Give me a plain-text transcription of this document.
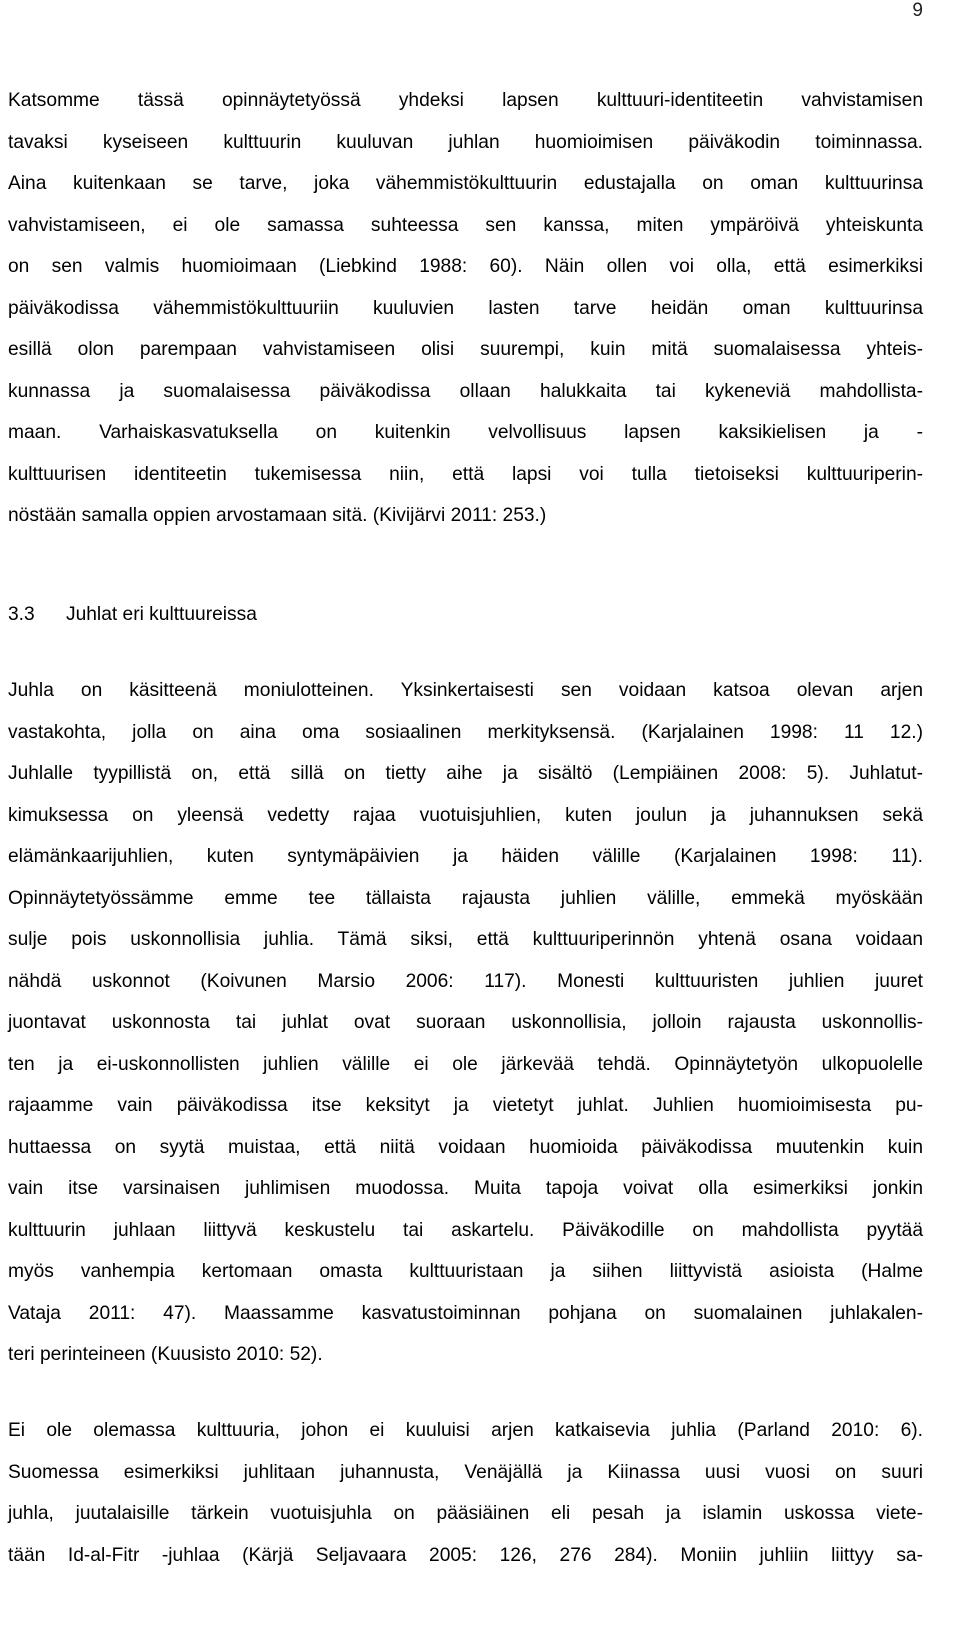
9
Katsomme tässä opinnäytetyössä yhdeksi lapsen kulttuuri-identiteetin vahvistamisen
tavaksi kyseiseen kulttuurin kuuluvan juhlan huomioimisen päiväkodin toiminnassa.
Aina kuitenkaan se tarve, joka vähemmistökulttuurin edustajalla on oman kulttuurinsa
vahvistamiseen, ei ole samassa suhteessa sen kanssa, miten ympäröivä yhteiskunta
on sen valmis huomioimaan (Liebkind 1988: 60). Näin ollen voi olla, että esimerkiksi
päiväkodissa vähemmistökulttuuriin kuuluvien lasten tarve heidän oman kulttuurinsa
esillä olon parempaan vahvistamiseen olisi suurempi, kuin mitä suomalaisessa yhteis-
kunnassa ja suomalaisessa päiväkodissa ollaan halukkaita tai kykeneviä mahdollista-
maan. Varhaiskasvatuksella on kuitenkin velvollisuus lapsen kaksikielisen ja -
kulttuurisen identiteetin tukemisessa niin, että lapsi voi tulla tietoiseksi kulttuuriperin-
nöstään samalla oppien arvostamaan sitä. (Kivijärvi 2011: 253.)
3.3 Juhlat eri kulttuureissa
Juhla on käsitteenä moniulotteinen. Yksinkertaisesti sen voidaan katsoa olevan arjen
vastakohta, jolla on aina oma sosiaalinen merkityksensä. (Karjalainen 1998: 11 12.)
Juhlalle tyypillistä on, että sillä on tietty aihe ja sisältö (Lempiäinen 2008: 5). Juhlatut-
kimuksessa on yleensä vedetty rajaa vuotuisjuhlien, kuten joulun ja juhannuksen sekä
elämänkaarijuhlien, kuten syntymäpäivien ja häiden välille (Karjalainen 1998: 11).
Opinnäytetyössämme emme tee tällaista rajausta juhlien välille, emmekä myöskään
sulje pois uskonnollisia juhlia. Tämä siksi, että kulttuuriperinnön yhtenä osana voidaan
nähdä uskonnot (Koivunen Marsio 2006: 117). Monesti kulttuuristen juhlien juuret
juontavat uskonnosta tai juhlat ovat suoraan uskonnollisia, jolloin rajausta uskonnollis-
ten ja ei-uskonnollisten juhlien välille ei ole järkevää tehdä. Opinnäytetyön ulkopuolelle
rajaamme vain päiväkodissa itse keksityt ja vietetyt juhlat. Juhlien huomioimisesta pu-
huttaessa on syytä muistaa, että niitä voidaan huomioida päiväkodissa muutenkin kuin
vain itse varsinaisen juhlimisen muodossa. Muita tapoja voivat olla esimerkiksi jonkin
kulttuurin juhlaan liittyvä keskustelu tai askartelu. Päiväkodille on mahdollista pyytää
myös vanhempia kertomaan omasta kulttuuristaan ja siihen liittyvistä asioista (Halme
Vataja 2011: 47). Maassamme kasvatustoiminnan pohjana on suomalainen juhlakalen-
teri perinteineen (Kuusisto 2010: 52).
Ei ole olemassa kulttuuria, johon ei kuuluisi arjen katkaisevia juhlia (Parland 2010: 6).
Suomessa esimerkiksi juhlitaan juhannusta, Venäjällä ja Kiinassa uusi vuosi on suuri
juhla, juutalaisille tärkein vuotuisjuhla on pääsiäinen eli pesah ja islamin uskossa viete-
tään Id-al-Fitr -juhlaa (Kärjä Seljavaara 2005: 126, 276 284). Moniin juhliin liittyy sa-
